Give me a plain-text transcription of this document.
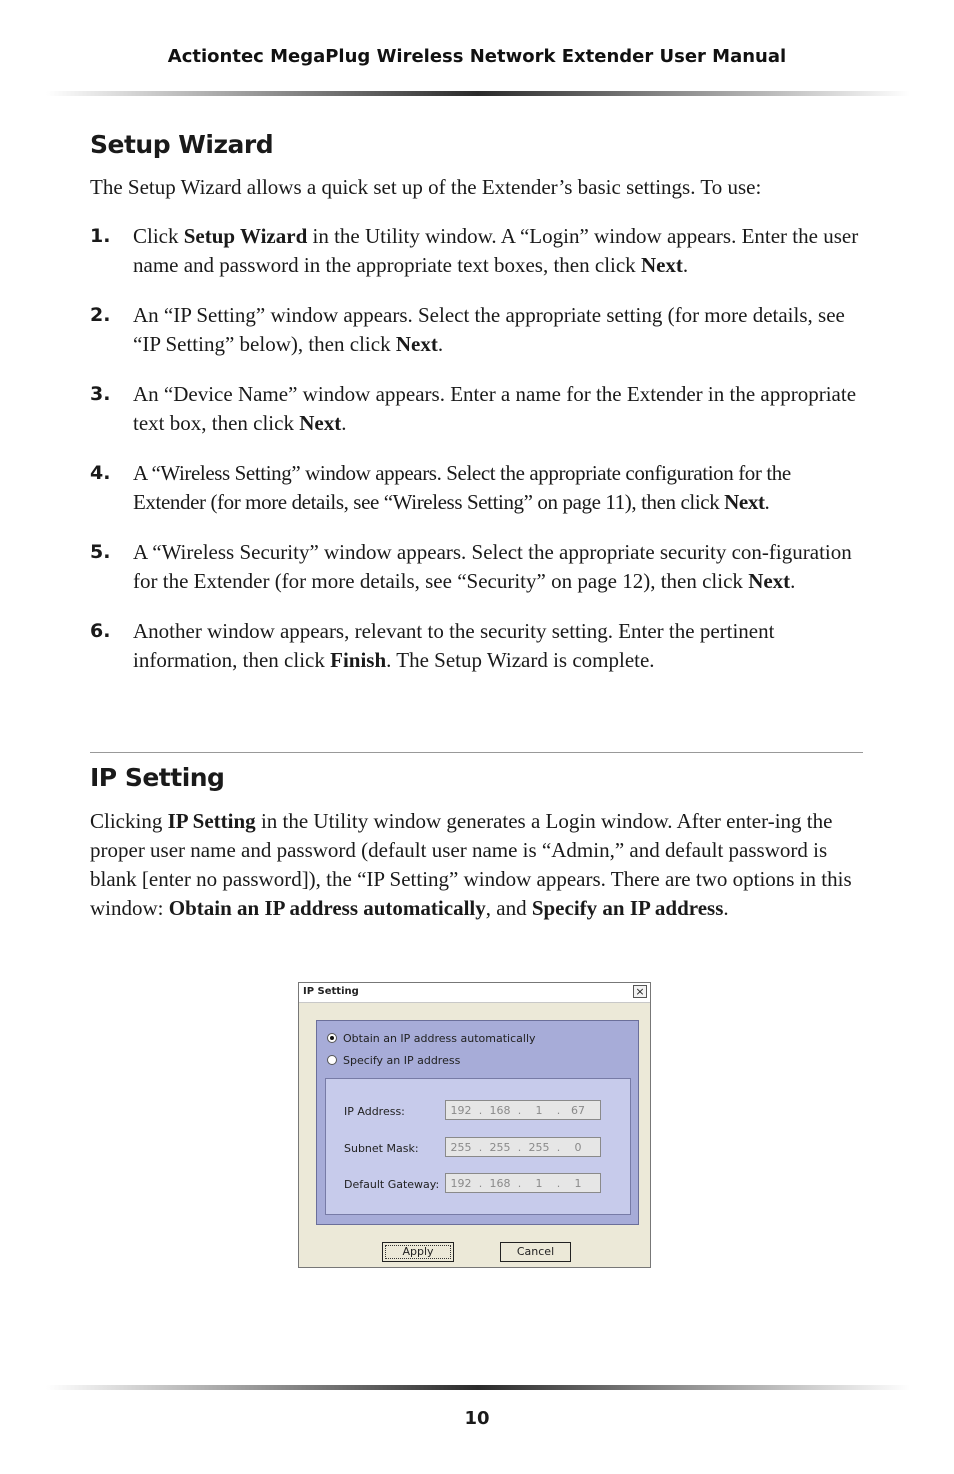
Actiontec MegaPlug Wireless Network Extender User Manual
Setup Wizard

The Setup Wizard allows a quick set up of the Extender’s basic settings. To use:

1. Click Setup Wizard in the Utility window. A “Login” window appears. Enter the user name and password in the appropriate text boxes, then click Next.
2. An “IP Setting” window appears. Select the appropriate setting (for more details, see “IP Setting” below), then click Next.
3. An “Device Name” window appears. Enter a name for the Extender in the appropriate text box, then click Next.
4. A “Wireless Setting” window appears. Select the appropriate configuration for the Extender (for more details, see “Wireless Setting” on page 11), then click Next.
5. A “Wireless Security” window appears. Select the appropriate security con-figuration for the Extender (for more details, see “Security” on page 12), then click Next.
6. Another window appears, relevant to the security setting. Enter the pertinent information, then click Finish. The Setup Wizard is complete.
IP Setting

Clicking IP Setting in the Utility window generates a Login window. After enter-ing the proper user name and password (default user name is “Admin,” and default password is blank [enter no password]), the “IP Setting” window appears. There are two options in this window: Obtain an IP address automatically, and Specify an IP address.

IP Setting	×
Obtain an IP address automatically
Specify an IP address
IP Address:	192 . 168 .	1	. 67
Subnet Mask:	255 . 255 . 255 .	0
Default Gateway:	192 . 168 .	1	.	1
Apply	Cancel
10
